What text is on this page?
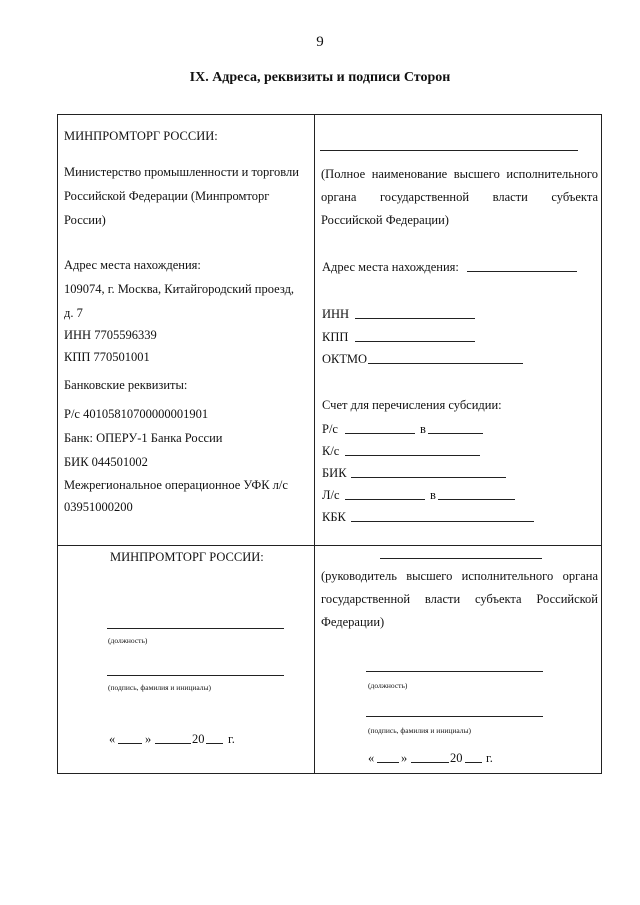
9
IX. Адреса, реквизиты и подписи Сторон
МИНПРОМТОРГ РОССИИ:
Министерство промышленности и торговли
Российской Федерации (Минпромторг
России)
Адрес места нахождения:
109074, г. Москва, Китайгородский проезд,
д. 7
ИНН 7705596339
КПП 770501001
Банковские реквизиты:
Р/с 40105810700000001901
Банк: ОПЕРУ-1 Банка России
БИК 044501002
Межрегиональное операционное УФК л/с
03951000200
(Полное наименование высшего исполнительного
органа государственной власти субъекта
Российской Федерации)
Адрес места нахождения:
ИНН
КПП
ОКТМО
Счет для перечисления субсидии:
Р/с	в
К/с
БИК
Л/с	в
КБК
МИНПРОМТОРГ РОССИИ:
(должность)
(подпись, фамилия и инициалы)
« »	20 г.
(руководитель высшего исполнительного органа
государственной власти субъекта Российской
Федерации)
(должность)
(подпись, фамилия и инициалы)
« »	20 г.
